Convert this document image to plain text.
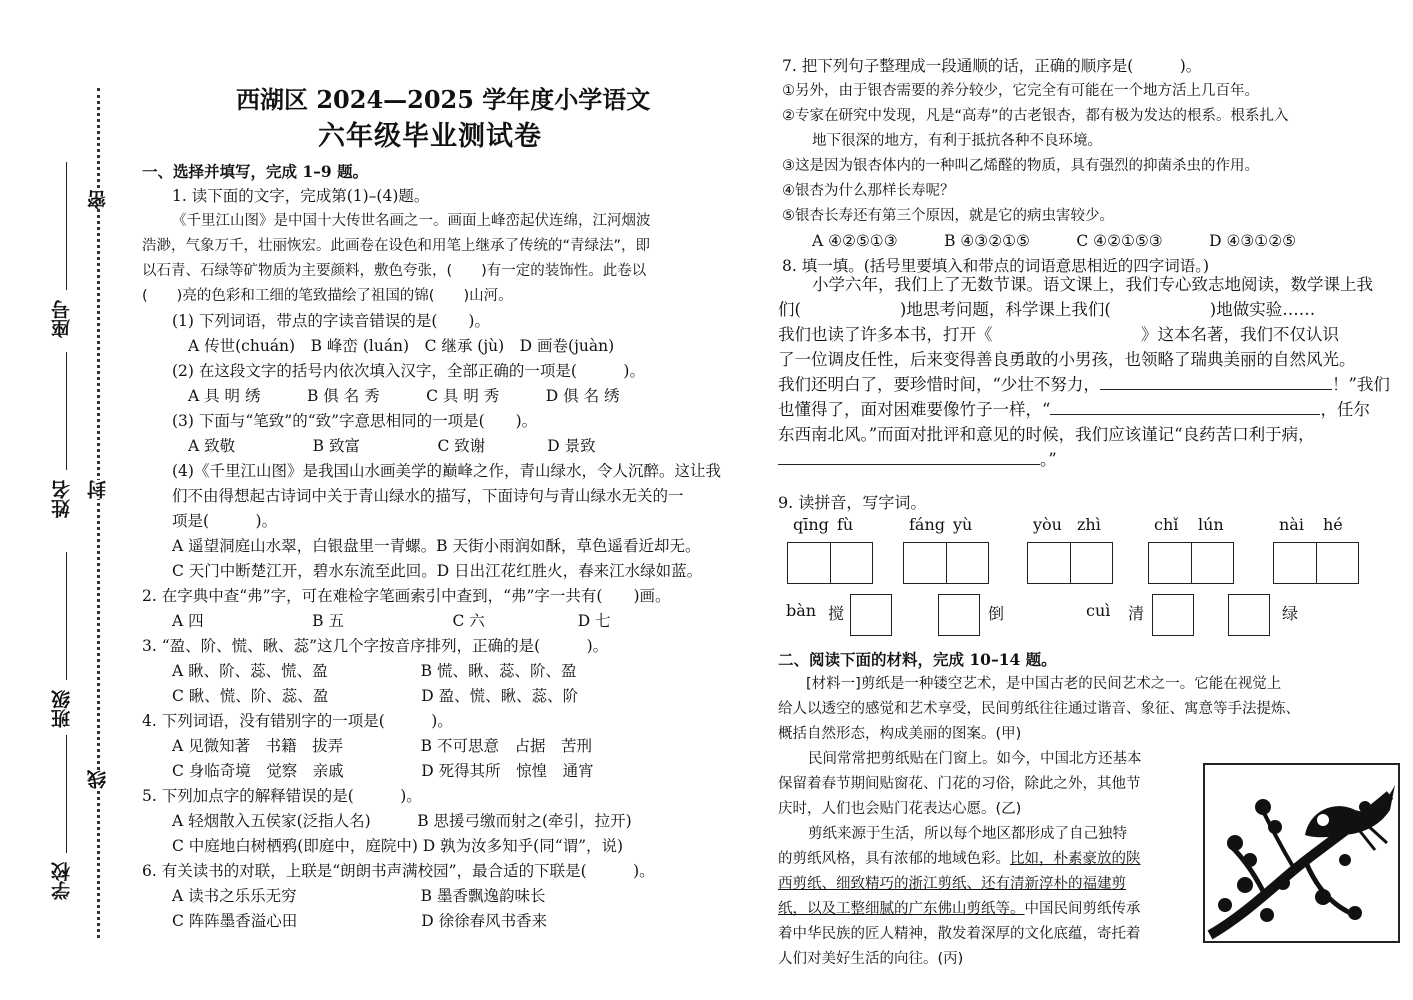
密
封
线
座号
姓名
班级
学校
西湖区 2024—2025 学年度小学语文
六年级毕业测试卷
一、选择并填写，完成 1–9 题。
1. 读下面的文字，完成第(1)–(4)题。
《千里江山图》是中国十大传世名画之一。画面上峰峦起伏连绵，江河烟波
浩渺，气象万千，壮丽恢宏。此画卷在设色和用笔上继承了传统的“青绿法”，即
以石青、石绿等矿物质为主要颜料，敷色夸张，(　　)有一定的装饰性。此卷以
(　　)亮的色彩和工细的笔致描绘了祖国的锦(　　)山河。
(1) 下列词语，带点的字读音错误的是(　　)。
A 传世(chuán)　B 峰峦 (luán)　C 继承 (jù)　D 画卷(juàn)
(2) 在这段文字的括号内依次填入汉字，全部正确的一项是(　　　)。
A 具 明 绣　　　B 俱 名 秀　　　C 具 明 秀　　　D 俱 名 绣
(3) 下面与“笔致”的“致”字意思相同的一项是(　　)。
A 致敬　　　　　B 致富　　　　　C 致谢　　　　D 景致
(4)《千里江山图》是我国山水画美学的巅峰之作，青山绿水，令人沉醉。这让我
们不由得想起古诗词中关于青山绿水的描写，下面诗句与青山绿水无关的一
项是(　　　)。
A 遥望洞庭山水翠，白银盘里一青螺。B 天街小雨润如酥，草色遥看近却无。
C 天门中断楚江开，碧水东流至此回。D 日出江花红胜火，春来江水绿如蓝。
2. 在字典中查“弗”字，可在难检字笔画索引中查到，“弗”字一共有(　　)画。
A 四　　　　　　　B 五　　　　　　　C 六　　　　　　D 七
3. “盈、阶、慌、瞅、蕊”这几个字按音序排列，正确的是(　　　)。
A 瞅、阶、蕊、慌、盈　　　　　　B 慌、瞅、蕊、阶、盈
C 瞅、慌、阶、蕊、盈　　　　　　D 盈、慌、瞅、蕊、阶
4. 下列词语，没有错别字的一项是(　　　)。
A 见微知著　书籍　拔弄　　　　　B 不可思意　占据　苦刑
C 身临奇境　觉察　亲戚　　　　　D 死得其所　惊惶　通宵
5. 下列加点字的解释错误的是(　　　)。
A 轻烟散入五侯家(泛指人名)　　　B 思援弓缴而射之(牵引，拉开)
C 中庭地白树栖鸦(即庭中，庭院中) D 孰为汝多知乎(同“谓”，说)
6. 有关读书的对联，上联是“朗朗书声满校园”，最合适的下联是(　　　)。
A 读书之乐乐无穷　　　　　　　　B 墨香飘逸韵味长
C 阵阵墨香溢心田　　　　　　　　D 徐徐春风书香来
7. 把下列句子整理成一段通顺的话，正确的顺序是(　　　)。
①另外，由于银杏需要的养分较少，它完全有可能在一个地方活上几百年。
②专家在研究中发现，凡是“高寿”的古老银杏，都有极为发达的根系。根系扎入
地下很深的地方，有利于抵抗各种不良环境。
③这是因为银杏体内的一种叫乙烯醛的物质，具有强烈的抑菌杀虫的作用。
④银杏为什么那样长寿呢？
⑤银杏长寿还有第三个原因，就是它的病虫害较少。
A ④②⑤①③　　　B ④③②①⑤　　　C ④②①⑤③　　　D ④③①②⑤
8. 填一填。(括号里要填入和带点的词语意思相近的四字词语。)
小学六年，我们上了无数节课。语文课上，我们专心致志地阅读，数学课上我
们(　　　　　　)地思考问题，科学课上我们(　　　　　　)地做实验……
我们也读了许多本书，打开《　　　　　　　　　》这本名著，我们不仅认识
了一位调皮任性，后来变得善良勇敢的小男孩，也领略了瑞典美丽的自然风光。
我们还明白了，要珍惜时间，“少壮不努力，	！”我们
也懂得了，面对困难要像竹子一样，“	，任尔
东西南北风。”而面对批评和意见的时候，我们应该谨记“良药苦口利于病，
。”
9. 读拼音，写字词。
qīng fù	fáng yù	yòu zhì	chǐ lún	nài hé
bàn 搅	倒	cuì 清	绿
二、阅读下面的材料，完成 10–14 题。
[材料一]剪纸是一种镂空艺术，是中国古老的民间艺术之一。它能在视觉上
给人以透空的感觉和艺术享受，民间剪纸往往通过谐音、象征、寓意等手法提炼、
概括自然形态，构成美丽的图案。(甲)
民间常常把剪纸贴在门窗上。如今，中国北方还基本
保留着春节期间贴窗花、门花的习俗，除此之外，其他节
庆时，人们也会贴门花表达心愿。(乙)
剪纸来源于生活，所以每个地区都形成了自己独特
的剪纸风格，具有浓郁的地域色彩。比如，朴素豪放的陕
西剪纸、细致精巧的浙江剪纸、还有清新淳朴的福建剪
纸，以及工整细腻的广东佛山剪纸等。中国民间剪纸传承
着中华民族的匠人精神，散发着深厚的文化底蕴，寄托着
人们对美好生活的向往。(丙)
